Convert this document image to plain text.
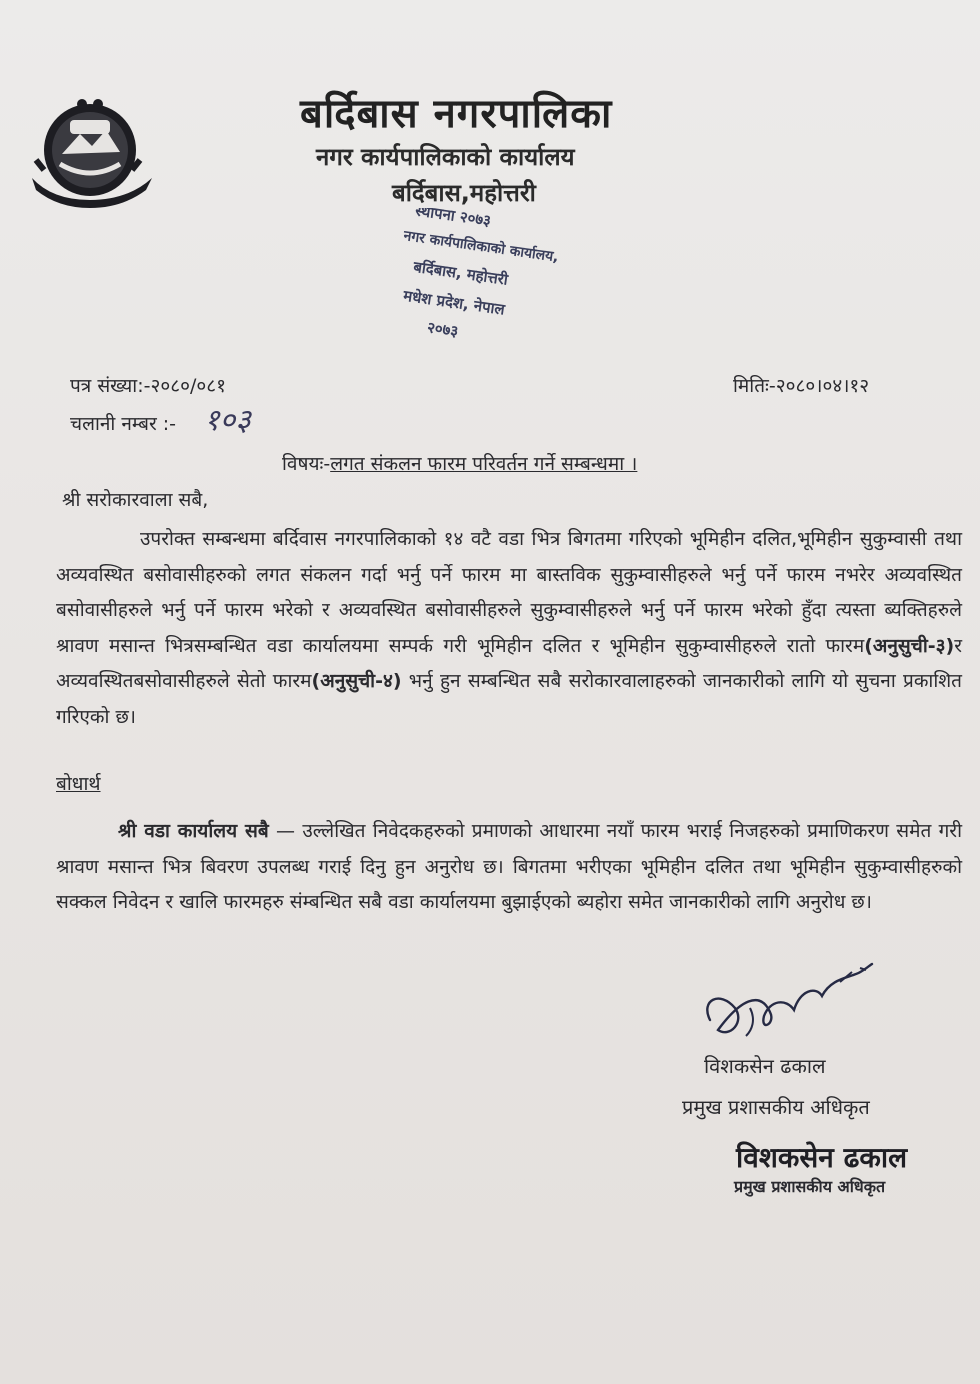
बर्दिबास नगरपालिका
नगर कार्यपालिकाको कार्यालय
बर्दिबास,महोत्तरी
स्थापना २०७३
नगर कार्यपालिकाको कार्यालय,
बर्दिबास, महोत्तरी
मधेश प्रदेश, नेपाल
२०७३
पत्र संख्या:-२०८०/०८१
चलानी नम्बर :- १०३
मितिः-२०८०।०४।१२
विषयः-लगत संकलन फारम परिवर्तन गर्ने सम्बन्धमा ।
श्री सरोकारवाला सबै,

उपरोक्त सम्बन्धमा बर्दिवास नगरपालिकाको १४ वटै वडा भित्र बिगतमा गरिएको भूमिहीन दलित,भूमिहीन सुकुम्वासी तथा अव्यवस्थित बसोवासीहरुको लगत संकलन गर्दा भर्नु पर्ने फारम मा बास्तविक सुकुम्वासीहरुले भर्नु पर्ने फारम नभरेर अव्यवस्थित बसोवासीहरुले भर्नु पर्ने फारम भरेको र अव्यवस्थित बसोवासीहरुले सुकुम्वासीहरुले भर्नु पर्ने फारम भरेको हुँदा त्यस्ता ब्यक्तिहरुले श्रावण मसान्त भित्रसम्बन्धित वडा कार्यालयमा सम्पर्क गरी भूमिहीन दलित र भूमिहीन सुकुम्वासीहरुले रातो फारम(अनुसुची-३)र अव्यवस्थितबसोवासीहरुले सेतो फारम(अनुसुची-४) भर्नु हुन सम्बन्धित सबै सरोकारवालाहरुको जानकारीको लागि यो सुचना प्रकाशित गरिएको छ।

बोधार्थ

श्री वडा कार्यालय सबै — उल्लेखित निवेदकहरुको प्रमाणको आधारमा नयाँ फारम भराई निजहरुको प्रमाणिकरण समेत गरी श्रावण मसान्त भित्र बिवरण उपलब्ध गराई दिनु हुन अनुरोध छ। बिगतमा भरीएका भूमिहीन दलित तथा भूमिहीन सुकुम्वासीहरुको सक्कल निवेदन र खालि फारमहरु संम्बन्धित सबै वडा कार्यालयमा बुझाईएको ब्यहोरा समेत जानकारीको लागि अनुरोध छ।

विशकसेन ढकाल
प्रमुख प्रशासकीय अधिकृत
विशकसेन ढकाल
प्रमुख प्रशासकीय अधिकृत
